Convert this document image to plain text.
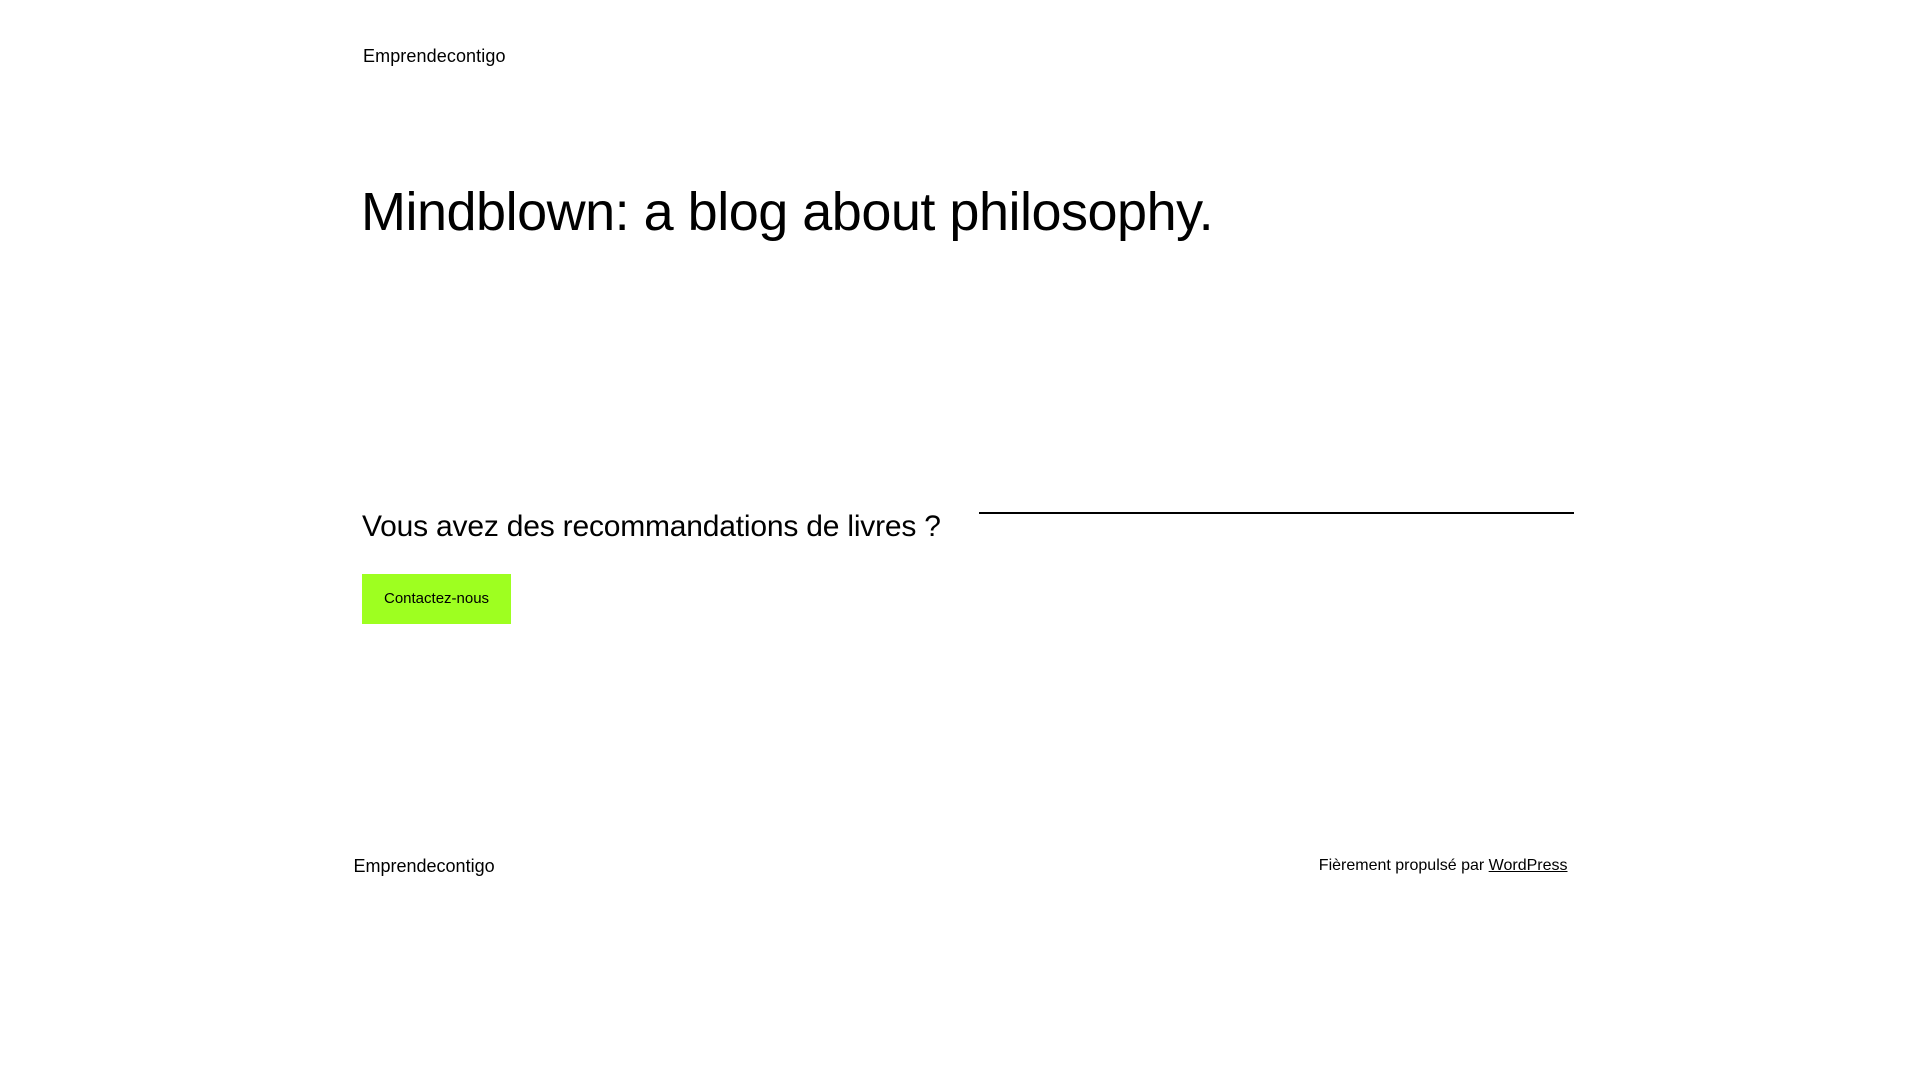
Emprendecontigo
Mindblown: a blog about philosophy.
Vous avez des recommandations de livres ?
Contactez-nous
Emprendecontigo	Fièrement propulsé par WordPress
